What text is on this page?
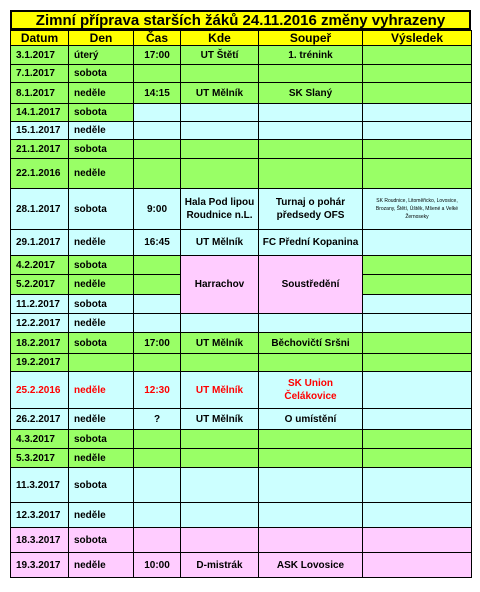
Zimní příprava starších žáků 24.11.2016 změny vyhrazeny
Datum	Den	Čas	Kde	Soupeř	Výsledek
3.1.2017	úterý	17:00	UT Štětí	1. trénink	
7.1.2017	sobota				
8.1.2017	neděle	14:15	UT Mělník	SK Slaný	
14.1.2017	sobota				
15.1.2017	neděle				
21.1.2017	sobota				
22.1.2016	neděle				
28.1.2017	sobota	9:00	Hala Pod lipou Roudnice n.L.	Turnaj o pohár předsedy OFS	SK Roudnice, Litoměřicko, Lovosice, Brozany, Štětí, Úštěk, Mšené a Velké Žernoseky
29.1.2017	neděle	16:45	UT Mělník	FC Přední Kopanina	
4.2.2017	sobota		Harrachov	Soustředění	
5.2.2017	neděle				
11.2.2017	sobota				
12.2.2017	neděle				
18.2.2017	sobota	17:00	UT Mělník	Běchovičtí Sršni	
19.2.2017					
25.2.2016	neděle	12:30	UT Mělník	SK Union Čelákovice	
26.2.2017	neděle	?	UT Mělník	O umístění	
4.3.2017	sobota				
5.3.2017	neděle				
11.3.2017	sobota				
12.3.2017	neděle				
18.3.2017	sobota				
19.3.2017	neděle	10:00	D-mistrák	ASK Lovosice	
